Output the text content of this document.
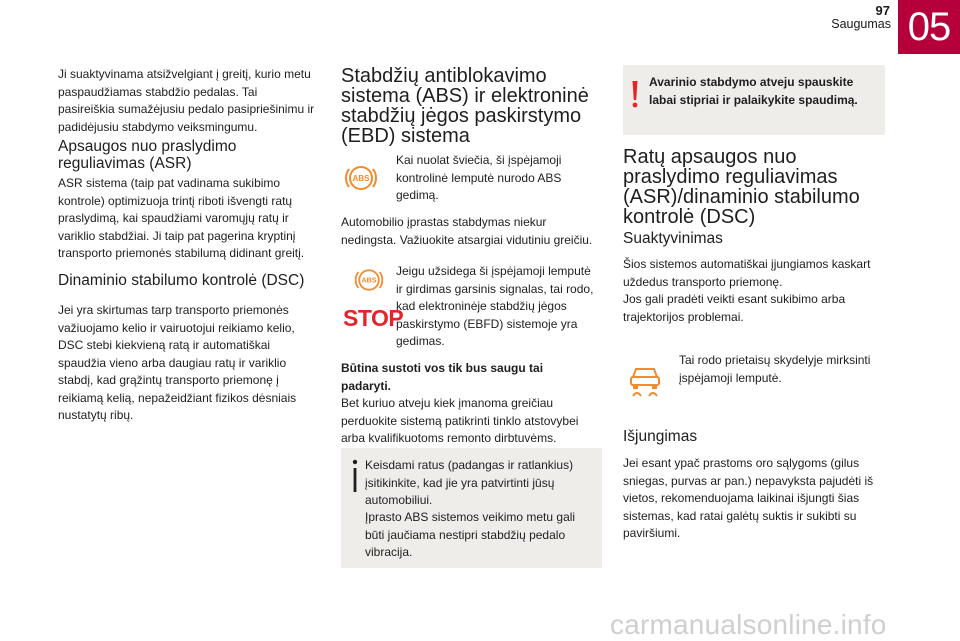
97
Saugumas 05

Ji suaktyvinama atsižvelgiant į greitį, kurio metu paspaudžiamas stabdžio pedalas. Tai pasireiškia sumažėjusiu pedalo pasipriešinimu ir padidėjusiu stabdymo veiksmingumu.

Apsaugos nuo praslydimo reguliavimas (ASR)

ASR sistema (taip pat vadinama sukibimo kontrole) optimizuoja trintį riboti išvengti ratų praslydimą, kai spaudžiami varomųjų ratų ir variklio stabdžiai. Ji taip pat pagerina kryptinį transporto priemonės stabilumą didinant greitį.

Dinaminio stabilumo kontrolė (DSC)

Jei yra skirtumas tarp transporto priemonės važiuojamo kelio ir vairuotojui reikiamo kelio, DSC stebi kiekvieną ratą ir automatiškai spaudžia vieno arba daugiau ratų ir variklio stabdį, kad grąžintų transporto priemonę į reikiamą kelią, nepažeidžiant fizikos dėsniais nustatytų ribų.

Stabdžių antiblokavimo sistema (ABS) ir elektroninė stabdžių jėgos paskirstymo (EBD) sistema
ABS

Kai nuolat šviečia, ši įspėjamoji kontrolinė lemputė nurodo ABS gedimą.

Automobilio įprastas stabdymas niekur nedingsta. Važiuokite atsargiai vidutiniu greičiu.

ABS
STOP

Jeigu užsidega ši įspėjamoji lemputė ir girdimas garsinis signalas, tai rodo, kad elektroninėje stabdžių jėgos paskirstymo (EBFD) sistemoje yra gedimas.

Būtina sustoti vos tik bus saugu tai padaryti.

Bet kuriuo atveju kiek įmanoma greičiau perduokite sistemą patikrinti tinklo atstovybei arba kvalifikuotoms remonto dirbtuvėms.

Keisdami ratus (padangas ir ratlankius) įsitikinkite, kad jie yra patvirtinti jūsų automobiliui.

Įprasto ABS sistemos veikimo metu gali būti jaučiama nestipri stabdžių pedalo vibracija.

Avarinio stabdymo atveju spauskite labai stipriai ir palaikykite spaudimą.

Ratų apsaugos nuo praslydimo reguliavimas (ASR)/dinaminio stabilumo kontrolė (DSC)
Suaktyvinimas

Šios sistemos automatiškai įjungiamos kaskart uždedus transporto priemonę.

Jos gali pradėti veikti esant sukibimo arba trajektorijos problemai.

Tai rodo prietaisų skydelyje mirksinti įspėjamoji lemputė.

Išjungimas

Jei esant ypač prastoms oro sąlygoms (gilus sniegas, purvas ar pan.) nepavyksta pajudėti iš vietos, rekomenduojama laikinai išjungti šias sistemas, kad ratai galėtų suktis ir sukibti su paviršiumi.

carmanualsonline.info
